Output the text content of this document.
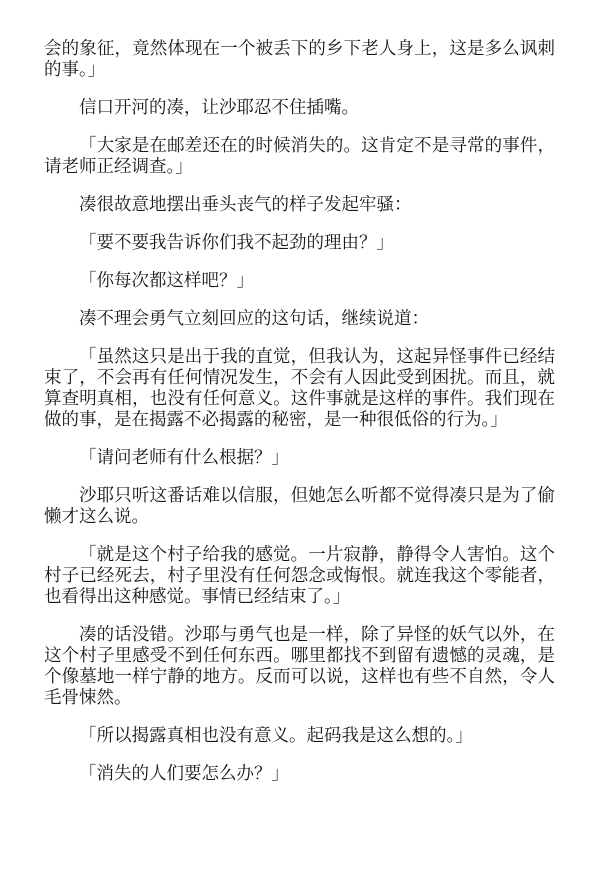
会的象征，竟然体现在一个被丢下的乡下老人身上，这是多么讽刺的事。」

信口开河的凑，让沙耶忍不住插嘴。

「大家是在邮差还在的时候消失的。这肯定不是寻常的事件，请老师正经调查。」

凑很故意地摆出垂头丧气的样子发起牢骚：

「要不要我告诉你们我不起劲的理由？」

「你每次都这样吧？」

凑不理会勇气立刻回应的这句话，继续说道：

「虽然这只是出于我的直觉，但我认为，这起异怪事件已经结束了，不会再有任何情况发生，不会有人因此受到困扰。而且，就算查明真相，也没有任何意义。这件事就是这样的事件。我们现在做的事，是在揭露不必揭露的秘密，是一种很低俗的行为。」

「请问老师有什么根据？」

沙耶只听这番话难以信服，但她怎么听都不觉得凑只是为了偷懒才这么说。

「就是这个村子给我的感觉。一片寂静，静得令人害怕。这个村子已经死去，村子里没有任何怨念或悔恨。就连我这个零能者，也看得出这种感觉。事情已经结束了。」

凑的话没错。沙耶与勇气也是一样，除了异怪的妖气以外，在这个村子里感受不到任何东西。哪里都找不到留有遗憾的灵魂，是个像墓地一样宁静的地方。反而可以说，这样也有些不自然，令人毛骨悚然。

「所以揭露真相也没有意义。起码我是这么想的。」

「消失的人们要怎么办？」
